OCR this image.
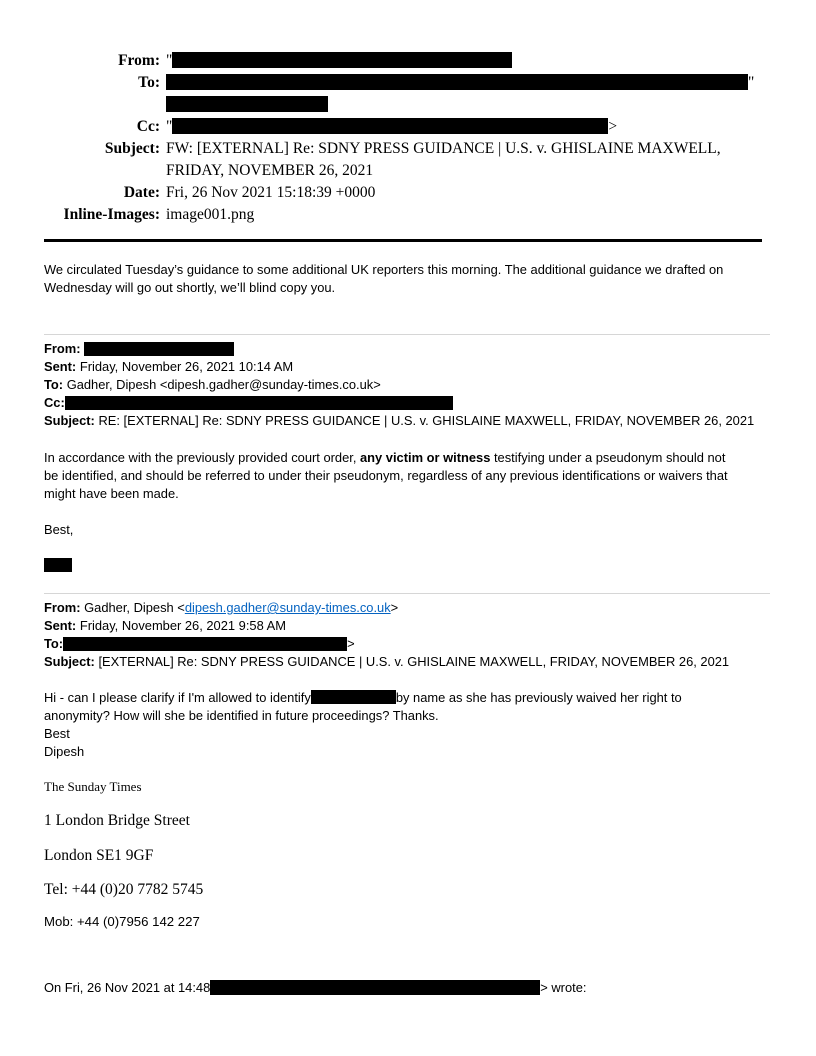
From: "
To:	"

Cc: "	>
Subject: FW: [EXTERNAL] Re: SDNY PRESS GUIDANCE | U.S. v. GHISLAINE MAXWELL, FRIDAY, NOVEMBER 26, 2021
Date: Fri, 26 Nov 2021 15:18:39 +0000
Inline-Images: image001.png
We circulated Tuesday’s guidance to some additional UK reporters this morning. The additional guidance we drafted on
Wednesday will go out shortly, we’ll blind copy you.
From:
Sent: Friday, November 26, 2021 10:14 AM
To: Gadher, Dipesh <dipesh.gadher@sunday-times.co.uk>
Cc:
Subject: RE: [EXTERNAL] Re: SDNY PRESS GUIDANCE | U.S. v. GHISLAINE MAXWELL, FRIDAY, NOVEMBER 26, 2021
In accordance with the previously provided court order, any victim or witness testifying under a pseudonym should not
be identified, and should be referred to under their pseudonym, regardless of any previous identifications or waivers that
might have been made.

Best,

From: Gadher, Dipesh <dipesh.gadher@sunday-times.co.uk>
Sent: Friday, November 26, 2021 9:58 AM
To:	>
Subject: [EXTERNAL] Re: SDNY PRESS GUIDANCE | U.S. v. GHISLAINE MAXWELL, FRIDAY, NOVEMBER 26, 2021
Hi - can I please clarify if I'm allowed to identify	by name as she has previously waived her right to
anonymity? How will she be identified in future proceedings? Thanks.
Best
Dipesh

The Sunday Times

1 London Bridge Street

London SE1 9GF

Tel: +44 (0)20 7782 5745

Mob: +44 (0)7956 142 227

On Fri, 26 Nov 2021 at 14:48	> wrote:
